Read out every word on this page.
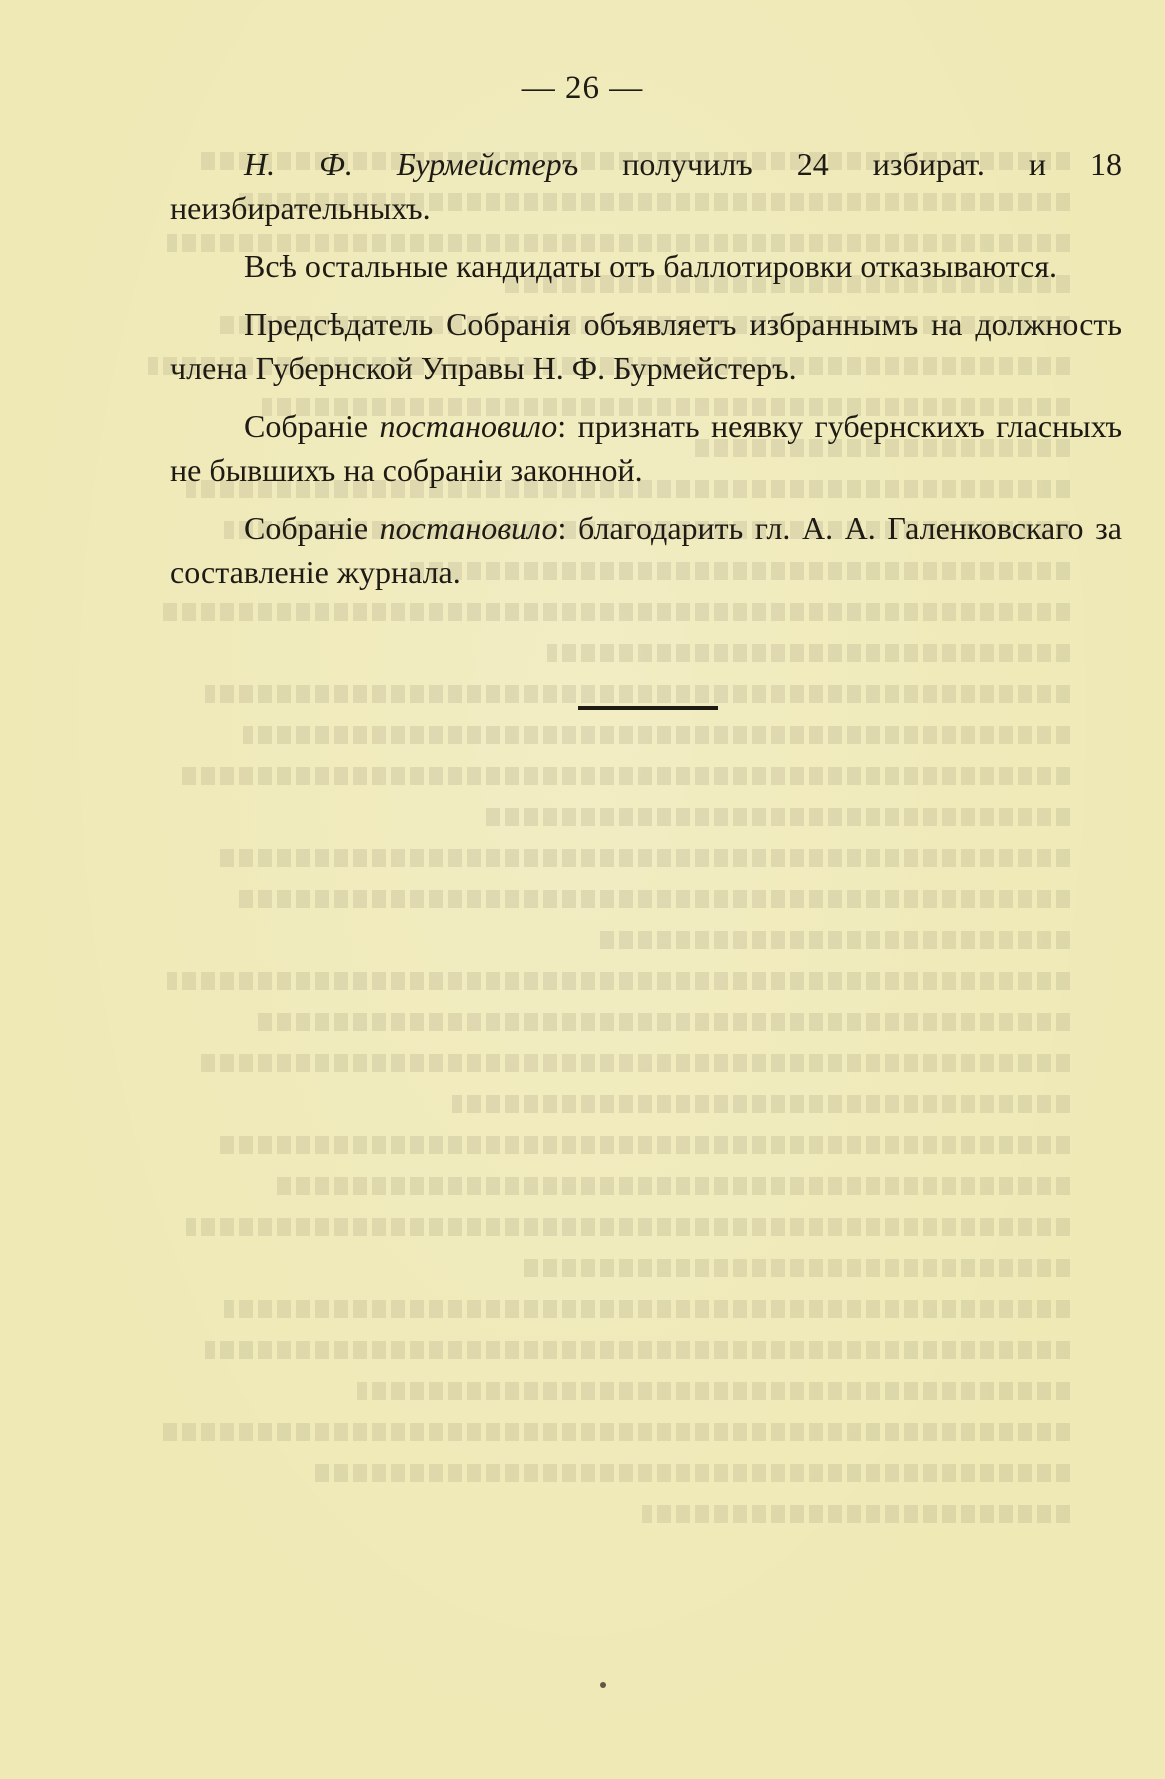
— 26 —

Н. Ф. Бурмейстеръ получилъ 24 избират. и 18 неизбирательныхъ.

Всѣ остальные кандидаты отъ баллотировки отказываются.

Предсѣдатель Собранія объявляетъ избраннымъ на должность члена Губернской Управы Н. Ф. Бурмейстеръ.

Собраніе постановило: признать неявку губернскихъ гласныхъ не бывшихъ на собраніи законной.

Собраніе постановило: благодарить гл. А. А. Галенковскаго за составленіе журнала.
